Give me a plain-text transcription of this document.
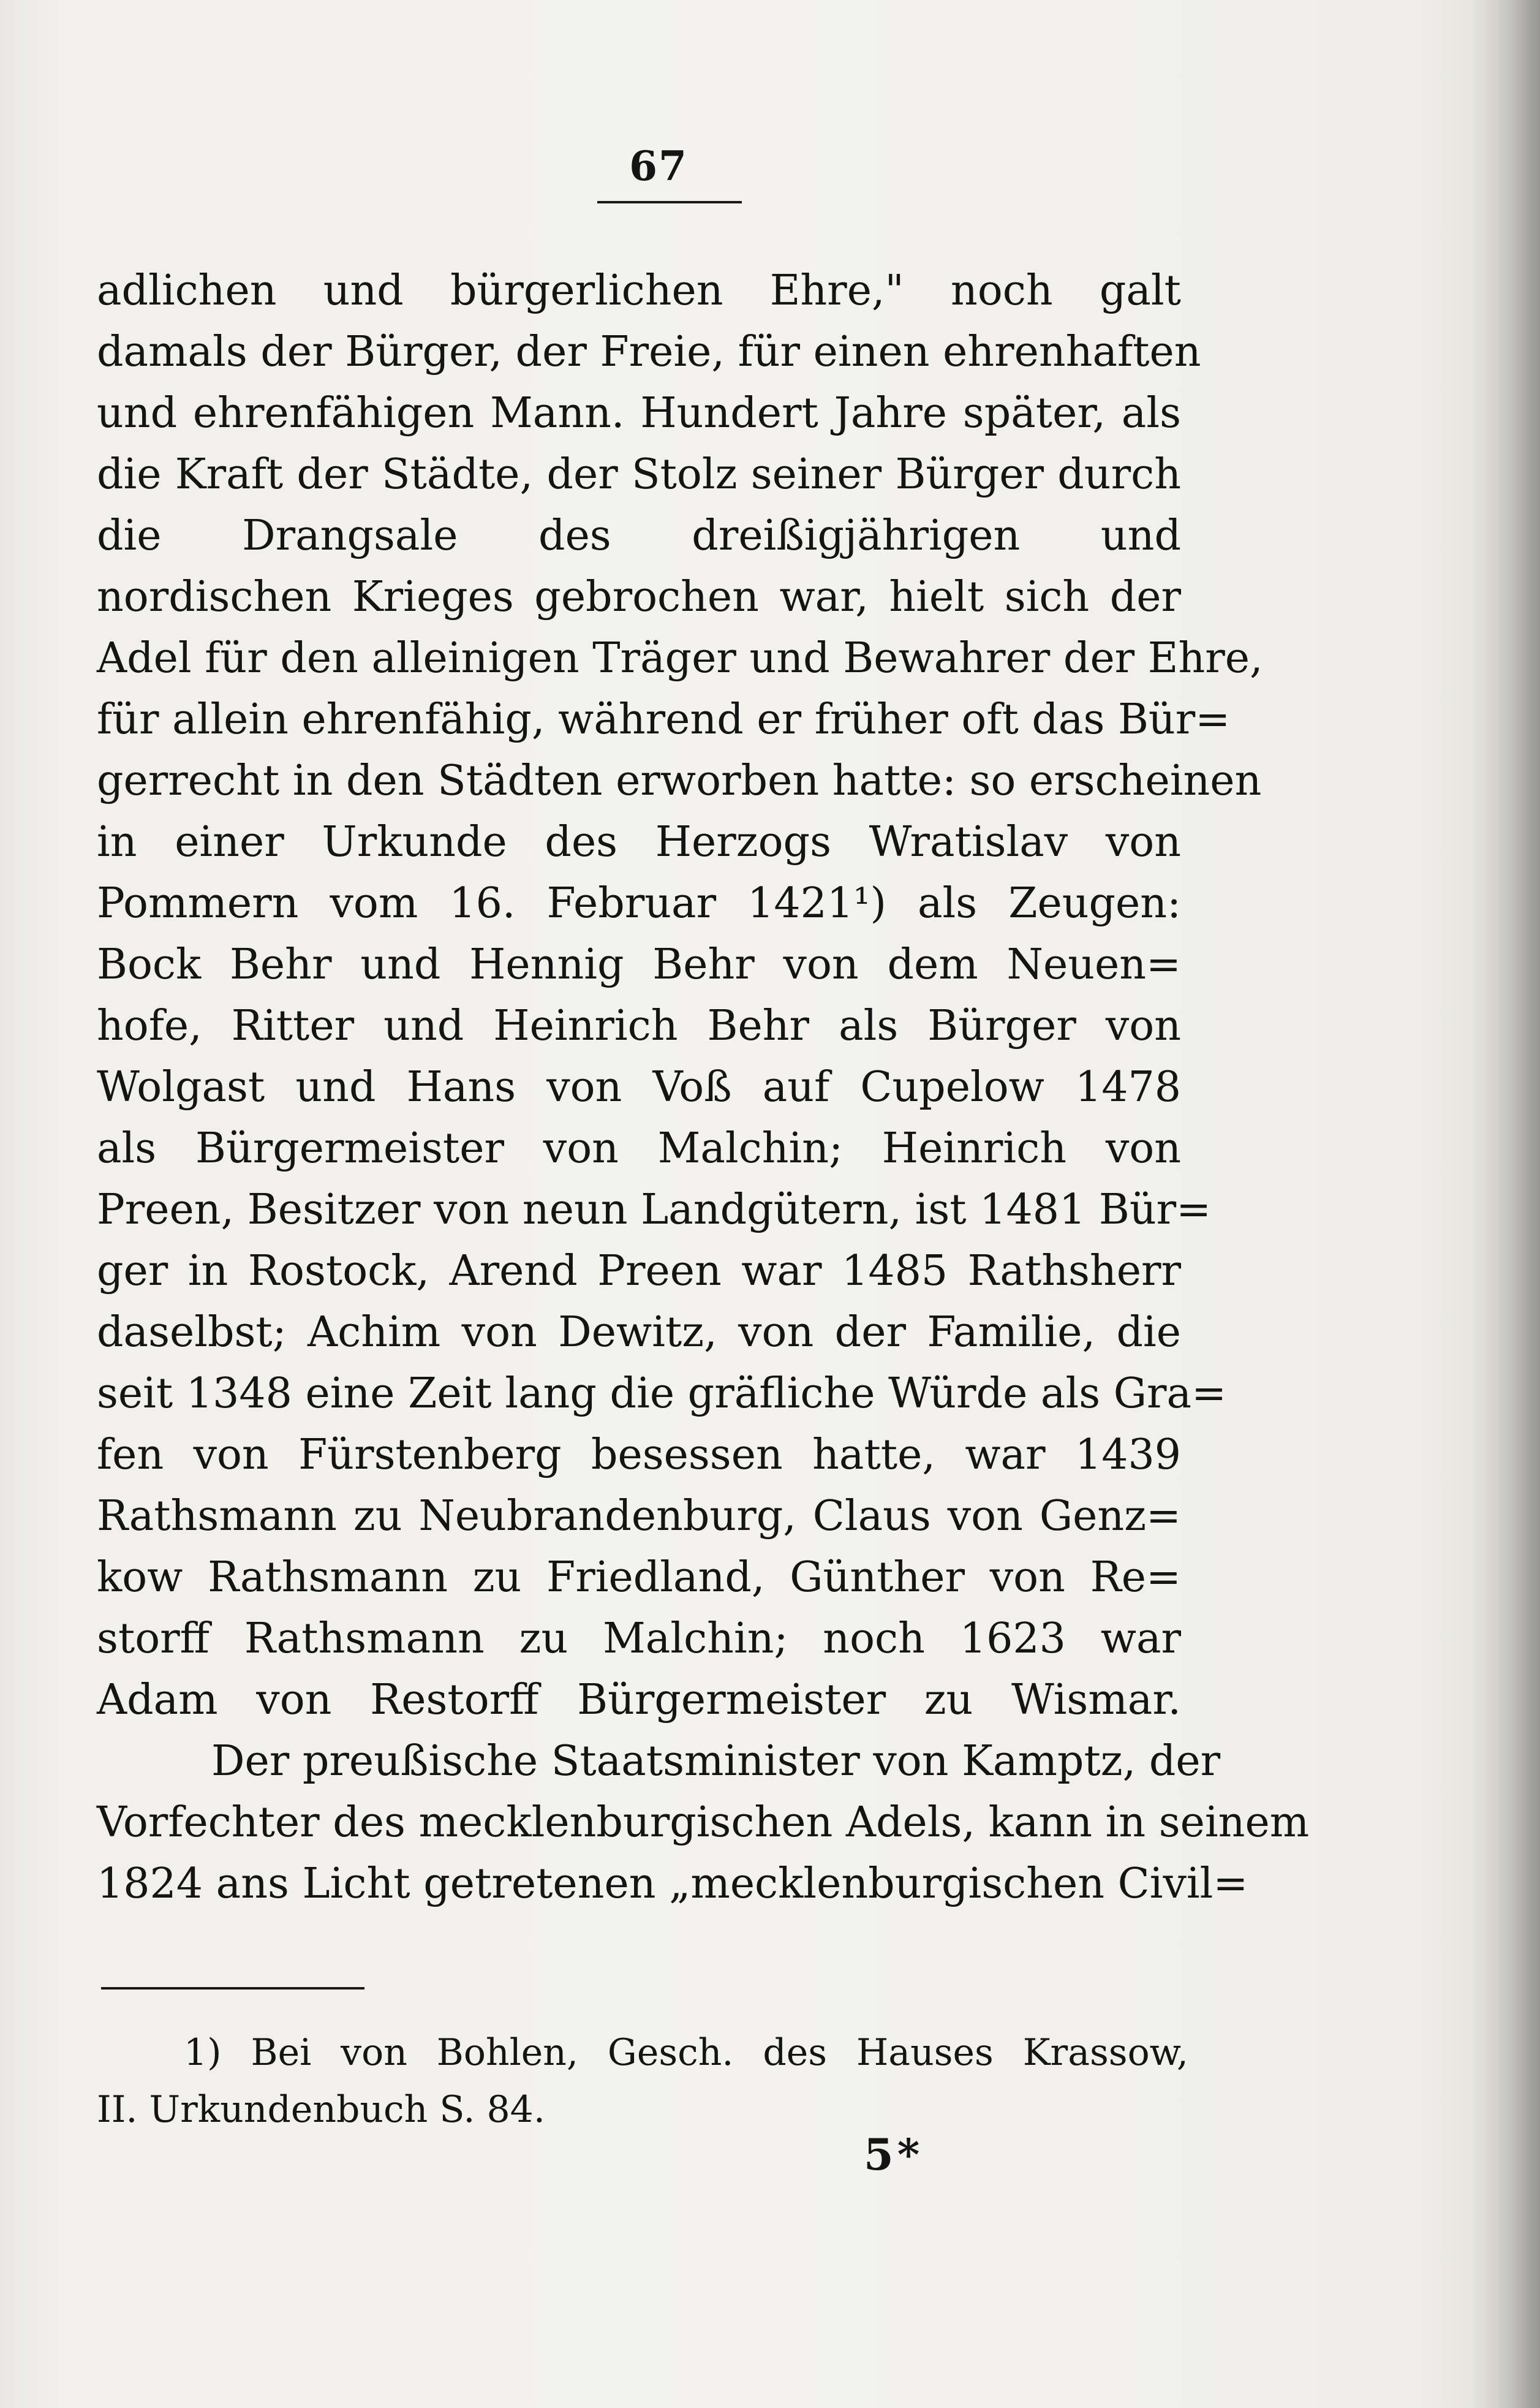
67
adlichen und bürgerlichen Ehre," noch galt
damals der Bürger, der Freie, für einen ehrenhaften
und ehrenfähigen Mann. Hundert Jahre später, als
die Kraft der Städte, der Stolz seiner Bürger durch
die Drangsale des dreißigjährigen und
nordischen Krieges gebrochen war, hielt sich der
Adel für den alleinigen Träger und Bewahrer der Ehre,
für allein ehrenfähig, während er früher oft das Bür=
gerrecht in den Städten erworben hatte: so erscheinen
in einer Urkunde des Herzogs Wratislav von
Pommern vom 16. Februar 1421¹) als Zeugen:
Bock Behr und Hennig Behr von dem Neuen=
hofe, Ritter und Heinrich Behr als Bürger von
Wolgast und Hans von Voß auf Cupelow 1478
als Bürgermeister von Malchin; Heinrich von
Preen, Besitzer von neun Landgütern, ist 1481 Bür=
ger in Rostock, Arend Preen war 1485 Rathsherr
daselbst; Achim von Dewitz, von der Familie, die
seit 1348 eine Zeit lang die gräfliche Würde als Gra=
fen von Fürstenberg besessen hatte, war 1439
Rathsmann zu Neubrandenburg, Claus von Genz=
kow Rathsmann zu Friedland, Günther von Re=
storff Rathsmann zu Malchin; noch 1623 war
Adam von Restorff Bürgermeister zu Wismar.
Der preußische Staatsminister von Kamptz, der
Vorfechter des mecklenburgischen Adels, kann in seinem
1824 ans Licht getretenen „mecklenburgischen Civil=
1) Bei von Bohlen, Gesch. des Hauses Krassow,
II. Urkundenbuch S. 84.
5*
